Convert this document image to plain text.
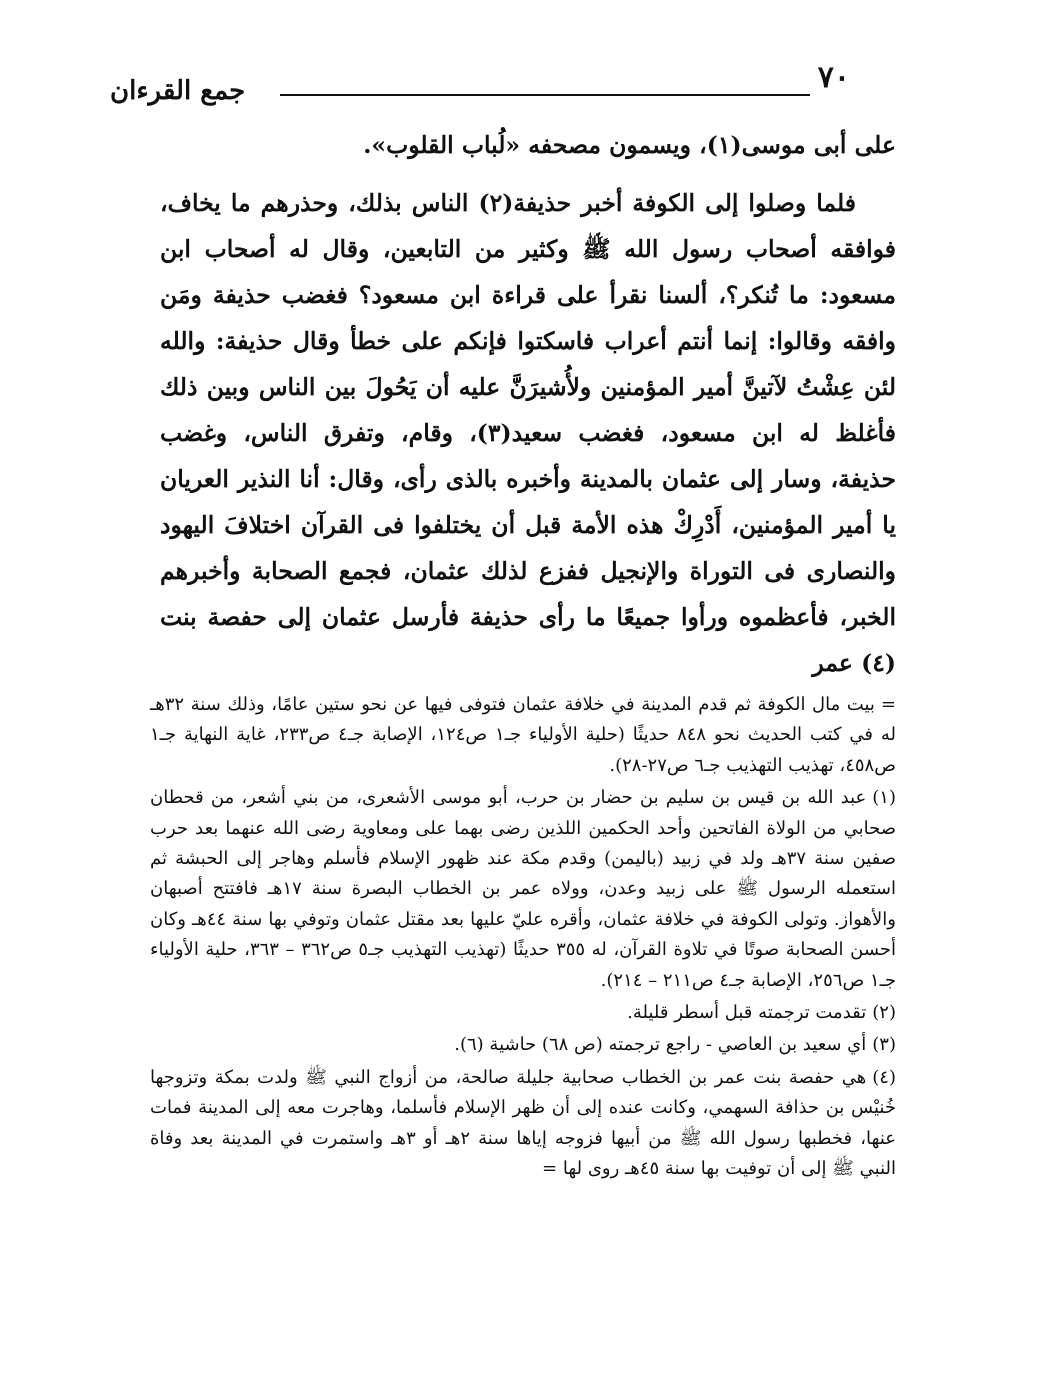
٧٠
جمع القرءان

على أبى موسى(١)، ويسمون مصحفه «لُباب القلوب».

فلما وصلوا إلى الكوفة أخبر حذيفة(٢) الناس بذلك، وحذرهم ما يخاف، فوافقه أصحاب رسول الله ﷺ وكثير من التابعين، وقال له أصحاب ابن مسعود: ما تُنكر؟، ألسنا نقرأ على قراءة ابن مسعود؟ فغضب حذيفة ومَن وافقه وقالوا: إنما أنتم أعراب فاسكتوا فإنكم على خطأ وقال حذيفة: والله لئن عِشْتُ لآتينَّ أمير المؤمنين ولأُشيرَنَّ عليه أن يَحُولَ بين الناس وبين ذلك فأغلظ له ابن مسعود، فغضب سعيد(٣)، وقام، وتفرق الناس، وغضب حذيفة، وسار إلى عثمان بالمدينة وأخبره بالذى رأى، وقال: أنا النذير العريان يا أمير المؤمنين، أَدْرِكْ هذه الأمة قبل أن يختلفوا فى القرآن اختلافَ اليهود والنصارى فى التوراة والإنجيل ففزع لذلك عثمان، فجمع الصحابة وأخبرهم الخبر، فأعظموه ورأوا جميعًا ما رأى حذيفة فأرسل عثمان إلى حفصة بنت (٤) عمر

=بيت مال الكوفة ثم قدم المدينة في خلافة عثمان فتوفى فيها عن نحو ستين عامًا، وذلك سنة ٣٢هـ له في كتب الحديث نحو ٨٤٨ حديثًا (حلية الأولياء جـ١ ص١٢٤، الإصابة جـ٤ ص٢٣٣، غاية النهاية جـ١ ص٤٥٨، تهذيب التهذيب جـ٦ ص٢٧-٢٨).

(١)عبد الله بن قيس بن سليم بن حضار بن حرب، أبو موسى الأشعرى، من بني أشعر، من قحطان صحابي من الولاة الفاتحين وأحد الحكمين اللذين رضى بهما على ومعاوية رضى الله عنهما بعد حرب صفين سنة ٣٧هـ ولد في زبيد (باليمن) وقدم مكة عند ظهور الإسلام فأسلم وهاجر إلى الحبشة ثم استعمله الرسول ﷺ على زبيد وعدن، وولاه عمر بن الخطاب البصرة سنة ١٧هـ فافتتح أصبهان والأهواز. وتولى الكوفة في خلافة عثمان، وأقره عليّ عليها بعد مقتل عثمان وتوفي بها سنة ٤٤هـ وكان أحسن الصحابة صوتًا في تلاوة القرآن، له ٣٥٥ حديثًا (تهذيب التهذيب جـ٥ ص٣٦٢ – ٣٦٣، حلية الأولياء جـ١ ص٢٥٦، الإصابة جـ٤ ص٢١١ – ٢١٤).

(٢)تقدمت ترجمته قبل أسطر قليلة.

(٣)أي سعيد بن العاصي - راجع ترجمته (ص ٦٨) حاشية (٦).

(٤)هي حفصة بنت عمر بن الخطاب صحابية جليلة صالحة، من أزواج النبي ﷺ ولدت بمكة وتزوجها خُنيْس بن حذافة السهمي، وكانت عنده إلى أن ظهر الإسلام فأسلما، وهاجرت معه إلى المدينة فمات عنها، فخطبها رسول الله ﷺ من أبيها فزوجه إياها سنة ٢هـ أو ٣هـ واستمرت في المدينة بعد وفاة النبي ﷺ إلى أن توفيت بها سنة ٤٥هـ روى لها =
